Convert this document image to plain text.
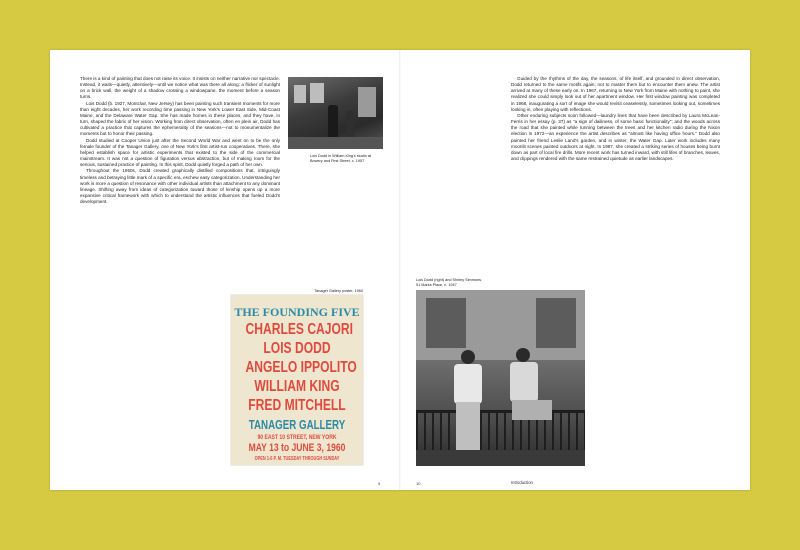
There is a kind of painting that does not raise its voice. It insists on neither narrative nor spectacle. Instead, it waits—quietly, attentively—until we notice what was there all along: a flicker of sunlight on a brick wall, the weight of a shadow crossing a windowpane, the moment before a season turns.

Lois Dodd (b. 1927, Montclair, New Jersey) has been painting such transient moments for more than eight decades, her work recording time passing in New York's Lower East Side, Mid-Coast Maine, and the Delaware Water Gap. She has made homes in these places, and they have, in turn, shaped the fabric of her vision. Working from direct observation, often en plein air, Dodd has cultivated a practice that captures the ephemerality of the seasons—not to monumentalize the moments but to honor their passing.

Dodd studied at Cooper Union just after the Second World War and went on to be the only female founder of the Tanager Gallery, one of New York's first artist-run cooperatives. There, she helped establish space for artistic experiments that existed to the side of the commercial mainstream. It was not a question of figuration versus abstraction, but of making room for the serious, sustained practice of painting. In this spirit, Dodd quietly forged a path of her own.

Throughout the 1950s, Dodd created graphically distilled compositions that, intriguingly timeless and betraying little mark of a specific era, eschew easy categorization. Understanding her work is more a question of resonance with other individual artists than attachment to any dominant lineage. Shifting away from ideas of categorization toward those of kinship opens up a more expansive critical framework with which to understand the artistic influences that fueled Dodd's development.

Lois Dodd in William King's studio at Bowery and First Street, c. 1957
Tanager Gallery poster, 1960
THE FOUNDING FIVE
CHARLES CAJORI
LOIS DODD
ANGELO IPPOLITO
WILLIAM KING
FRED MITCHELL
TANAGER GALLERY
90 EAST 10 STREET, NEW YORK
MAY 13 to JUNE 3, 1960
OPEN 1-6 P. M. TUESDAY THROUGH SUNDAY
9

Guided by the rhythms of the day, the seasons, of life itself, and grounded in direct observation, Dodd returned to the same motifs again; not to master them but to encounter them anew. The artist arrived at many of these early on. In 1967, returning to New York from Maine with nothing to paint, she realized she could simply look out of her apartment window. Her first window painting was completed in 1968, inaugurating a sort of image she would revisit ceaselessly, sometimes looking out, sometimes looking in, often playing with reflections.

Other enduring subjects soon followed—laundry lines that have been described by Laura McLean-Ferris in her essay (p. 37) as "a sign of dailiness, of some basic functionality"; and the woods across the road that she painted while running between the trees and her kitchen radio during the Nixon election in 1972—an experience the artist describes as "almost like having office hours." Dodd also painted her friend Leslie Land's garden, and in winter, the Water Gap. Later work includes many moonlit scenes painted outdoors at night. In 1997, she created a striking series of houses being burnt down as part of local fire drills. More recent work has turned inward, with still lifes of branches, leaves, and clippings rendered with the same restrained quietude as earlier landscapes.

Lois Dodd (right) and Shirley Simmons,
51 Marks Place, c. 1947
10	Introduction
